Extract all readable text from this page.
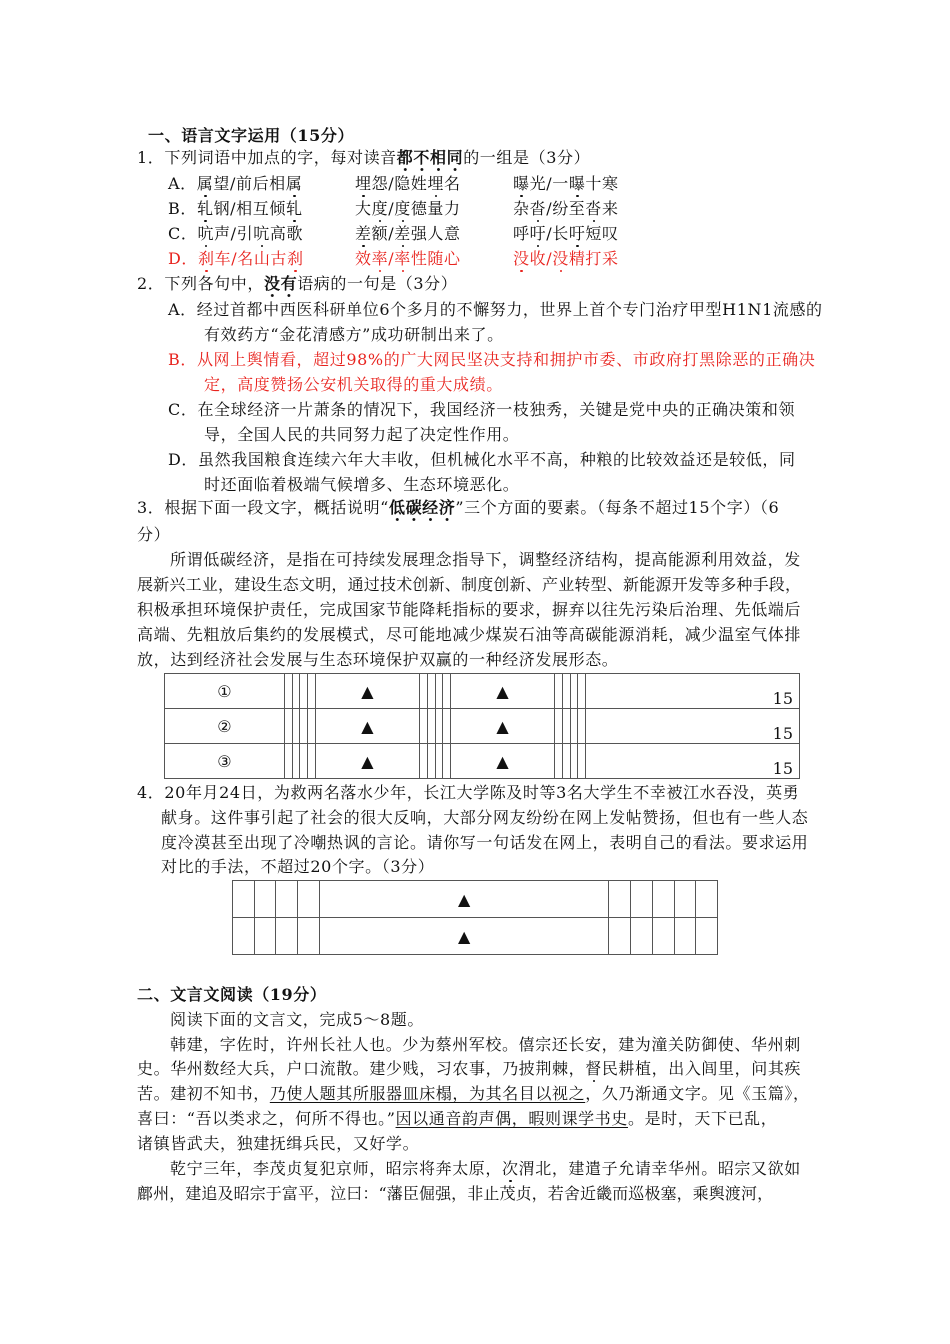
一、语言文字运用（15分）
1．下列词语中加点的字，每对读音都不相同的一组是（3分）
A．属望/前后相属	埋怨/隐姓埋名	曝光/一曝十寒
B．轧钢/相互倾轧	大度/度德量力	杂沓/纷至沓来
C．吭声/引吭高歌	差额/差强人意	呼吁/长吁短叹
D．刹车/名山古刹	效率/率性随心	没收/没精打采
2．下列各句中，没有语病的一句是（3分）
A．经过首都中西医科研单位6个多月的不懈努力，世界上首个专门治疗甲型H1N1流感的
有效药方“金花清感方”成功研制出来了。
B．从网上舆情看，超过98%的广大网民坚决支持和拥护市委、市政府打黑除恶的正确决
定，高度赞扬公安机关取得的重大成绩。
C．在全球经济一片萧条的情况下，我国经济一枝独秀，关键是党中央的正确决策和领
导，全国人民的共同努力起了决定性作用。
D．虽然我国粮食连续六年大丰收，但机械化水平不高，种粮的比较效益还是较低，同
时还面临着极端气候增多、生态环境恶化。
3．根据下面一段文字，概括说明“低碳经济”三个方面的要素。（每条不超过15个字）（6
分）
所谓低碳经济，是指在可持续发展理念指导下，调整经济结构，提高能源利用效益，发
展新兴工业，建设生态文明，通过技术创新、制度创新、产业转型、新能源开发等多种手段，
积极承担环境保护责任，完成国家节能降耗指标的要求，摒弃以往先污染后治理、先低端后
高端、先粗放后集约的发展模式，尽可能地减少煤炭石油等高碳能源消耗，减少温室气体排
放，达到经济社会发展与生态环境保护双赢的一种经济发展形态。
①					▲					▲					15
②					▲					▲					15
③					▲					▲					15
4．20年月24日，为救两名落水少年，长江大学陈及时等3名大学生不幸被江水吞没，英勇
献身。这件事引起了社会的很大反响，大部分网友纷纷在网上发帖赞扬，但也有一些人态
度冷漠甚至出现了冷嘲热讽的言论。请你写一句话发在网上，表明自己的看法。要求运用
对比的手法，不超过20个字。（3分）
				▲					
				▲					
二、文言文阅读（19分）
阅读下面的文言文，完成5～8题。
韩建，字佐时，许州长社人也。少为蔡州军校。僖宗还长安，建为潼关防御使、华州刺
史。华州数经大兵，户口流散。建少贱，习农事，乃披荆棘，督民耕植，出入闾里，问其疾
苦。建初不知书，乃使人题其所服器皿床榻，为其名目以视之，久乃渐通文字。见《玉篇》，
喜曰：“吾以类求之，何所不得也。”因以通音韵声偶，暇则课学书史。是时，天下已乱，
诸镇皆武夫，独建抚缉兵民，又好学。
乾宁三年，李茂贞复犯京师，昭宗将奔太原，次渭北，建遣子允请幸华州。昭宗又欲如
鄜州，建追及昭宗于富平，泣曰：“藩臣倔强，非止茂贞，若舍近畿而巡极塞，乘舆渡河，
